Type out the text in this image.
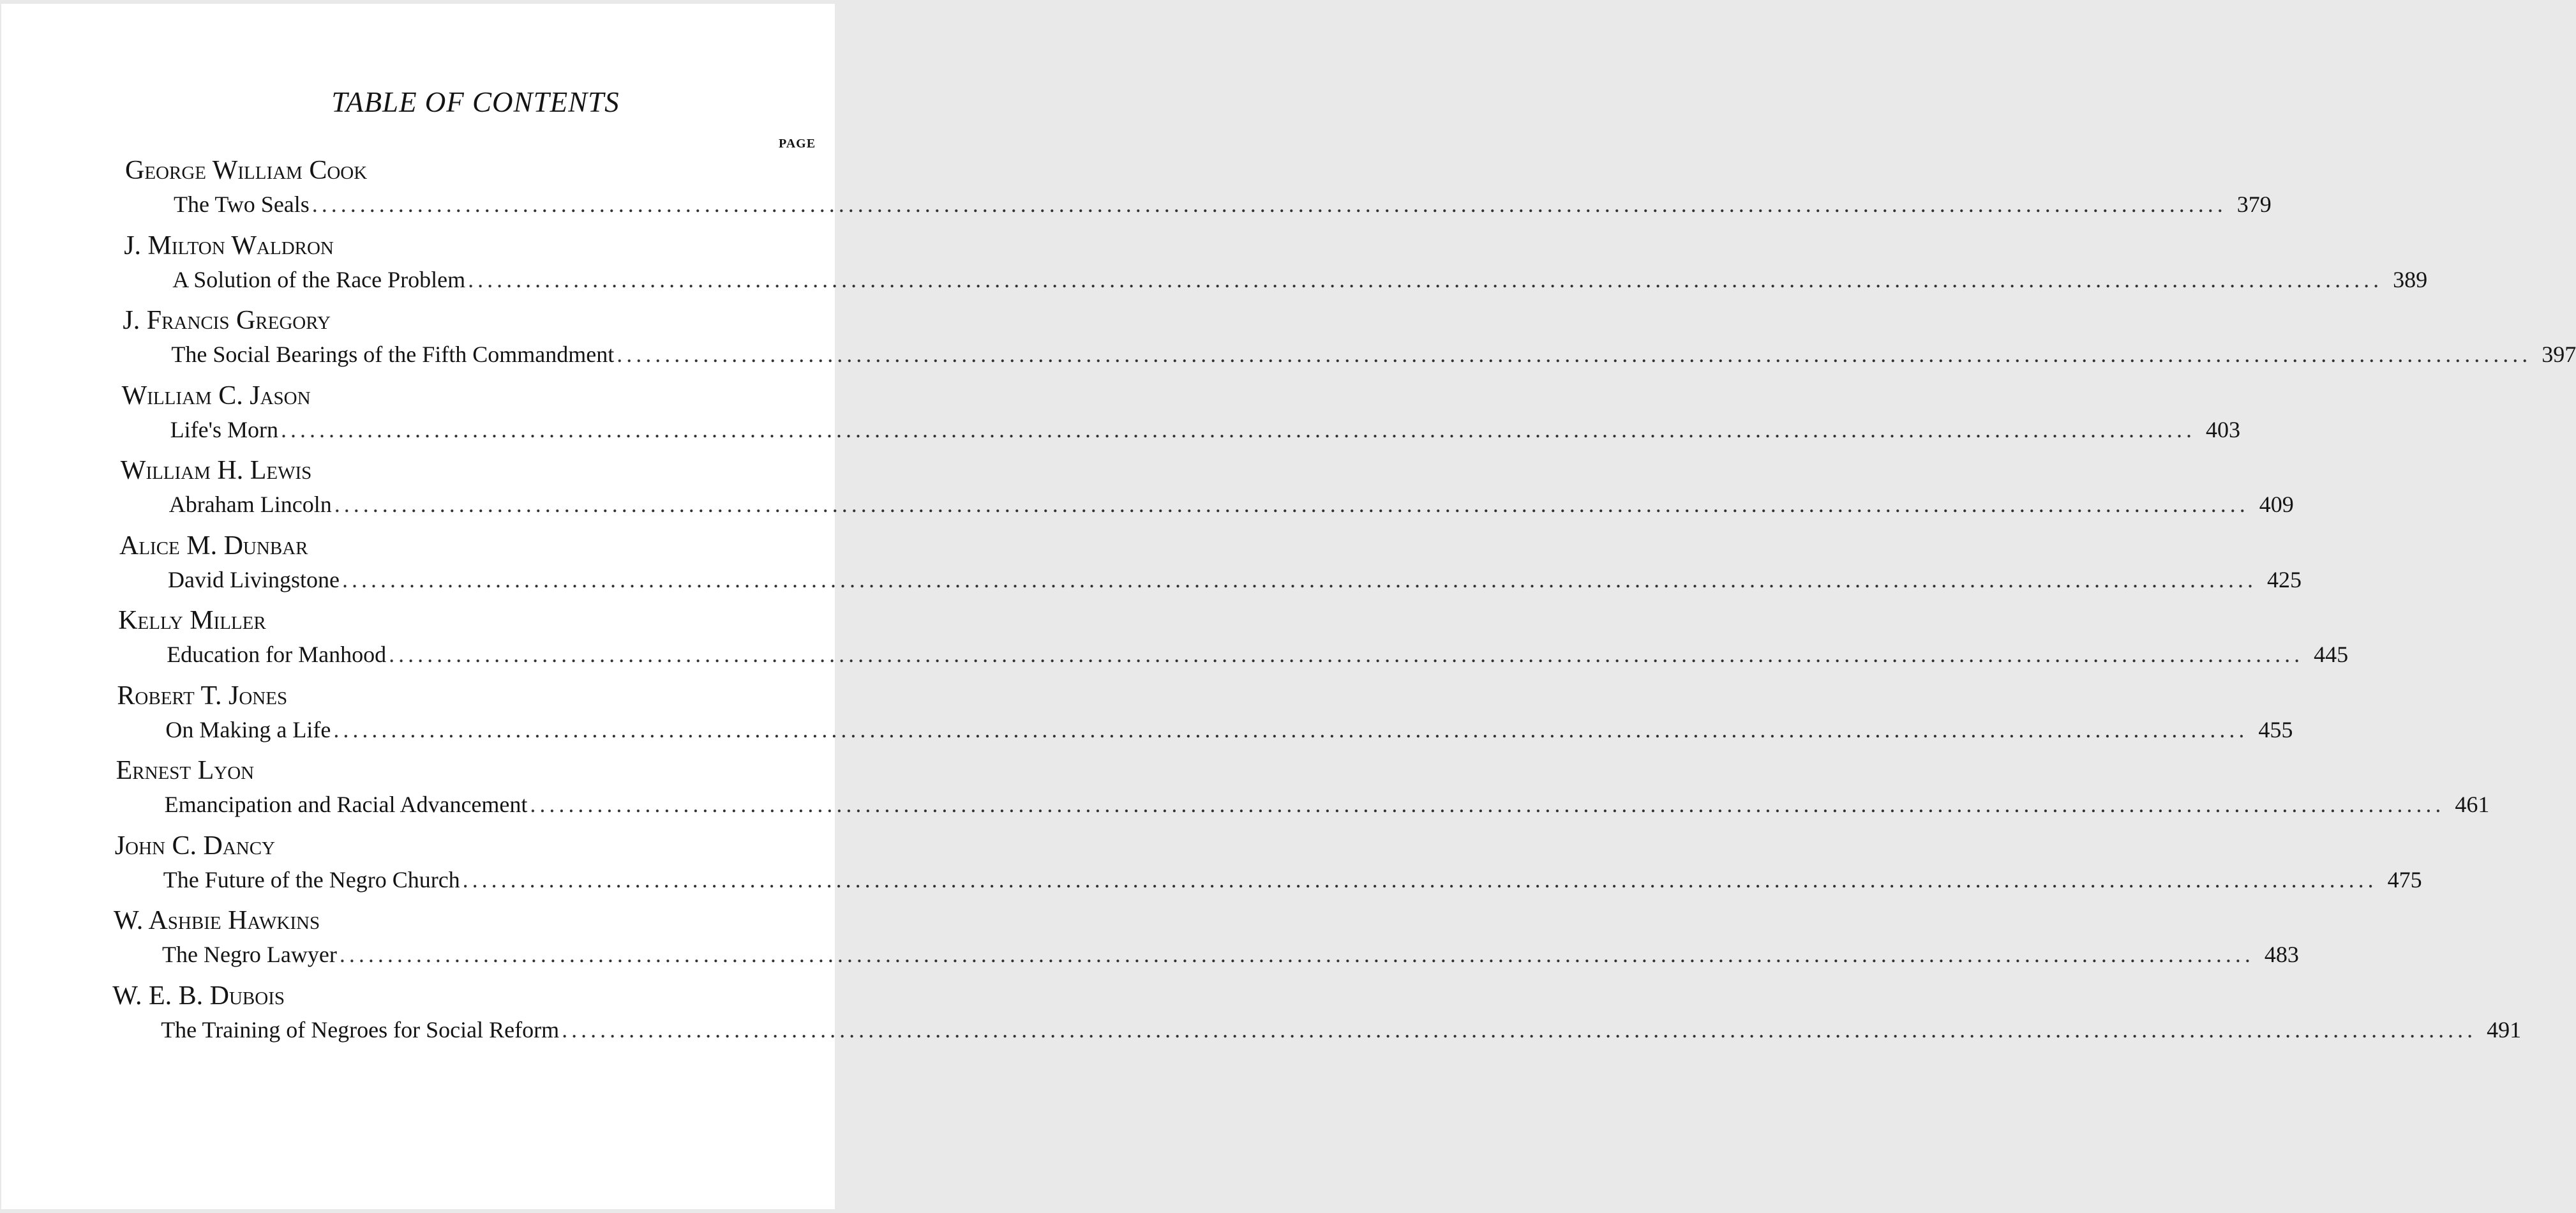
TABLE OF CONTENTS
PAGE
George William Cook
The Two Seals ........................................................................................................................................................................................................ 379
J. Milton Waldron
A Solution of the Race Problem ........................................................................................................................................................................................................ 389
J. Francis Gregory
The Social Bearings of the Fifth Commandment ........................................................................................................................................................................................................ 397
William C. Jason
Life's Morn ........................................................................................................................................................................................................ 403
William H. Lewis
Abraham Lincoln ........................................................................................................................................................................................................ 409
Alice M. Dunbar
David Livingstone ........................................................................................................................................................................................................ 425
Kelly Miller
Education for Manhood ........................................................................................................................................................................................................ 445
Robert T. Jones
On Making a Life ........................................................................................................................................................................................................ 455
Ernest Lyon
Emancipation and Racial Advancement ........................................................................................................................................................................................................ 461
John C. Dancy
The Future of the Negro Church ........................................................................................................................................................................................................ 475
W. Ashbie Hawkins
The Negro Lawyer ........................................................................................................................................................................................................ 483
W. E. B. Dubois
The Training of Negroes for Social Reform ........................................................................................................................................................................................................ 491
